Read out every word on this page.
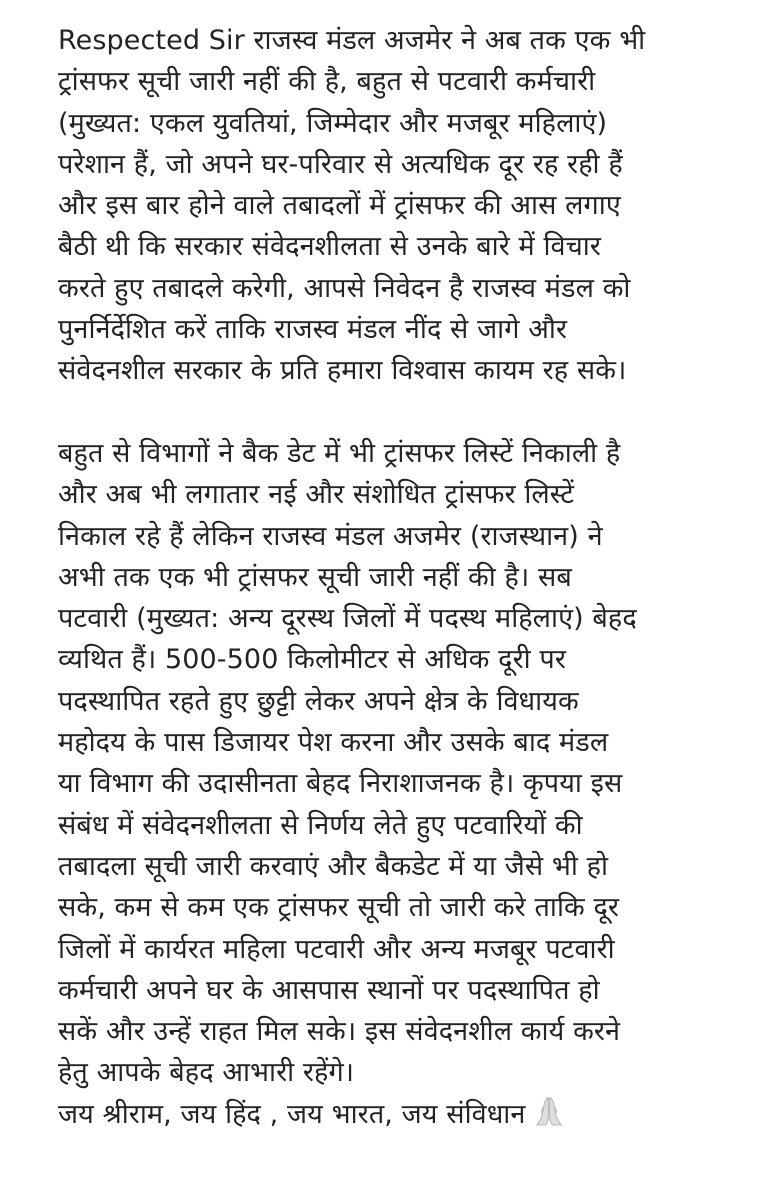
Respected Sir राजस्व मंडल अजमेर ने अब तक एक भी
ट्रांसफर सूची जारी नहीं की है, बहुत से पटवारी कर्मचारी
(मुख्यत: एकल युवतियां, जिम्मेदार और मजबूर महिलाएं)
परेशान हैं, जो अपने घर-परिवार से अत्यधिक दूर रह रही हैं
और इस बार होने वाले तबादलों में ट्रांसफर की आस लगाए
बैठी थी कि सरकार संवेदनशीलता से उनके बारे में विचार
करते हुए तबादले करेगी, आपसे निवेदन है राजस्व मंडल को
पुनर्निर्देशित करें ताकि राजस्व मंडल नींद से जागे और
संवेदनशील सरकार के प्रति हमारा विश्वास कायम रह सके।
बहुत से विभागों ने बैक डेट में भी ट्रांसफर लिस्टें निकाली है
और अब भी लगातार नई और संशोधित ट्रांसफर लिस्टें
निकाल रहे हैं लेकिन राजस्व मंडल अजमेर (राजस्थान) ने
अभी तक एक भी ट्रांसफर सूची जारी नहीं की है। सब
पटवारी (मुख्यत: अन्य दूरस्थ जिलों में पदस्थ महिलाएं) बेहद
व्यथित हैं। 500-500 किलोमीटर से अधिक दूरी पर
पदस्थापित रहते हुए छुट्टी लेकर अपने क्षेत्र के विधायक
महोदय के पास डिजायर पेश करना और उसके बाद मंडल
या विभाग की उदासीनता बेहद निराशाजनक है। कृपया इस
संबंध में संवेदनशीलता से निर्णय लेते हुए पटवारियों की
तबादला सूची जारी करवाएं और बैकडेट में या जैसे भी हो
सके, कम से कम एक ट्रांसफर सूची तो जारी करे ताकि दूर
जिलों में कार्यरत महिला पटवारी और अन्य मजबूर पटवारी
कर्मचारी अपने घर के आसपास स्थानों पर पदस्थापित हो
सकें और उन्हें राहत मिल सके। इस संवेदनशील कार्य करने
हेतु आपके बेहद आभारी रहेंगे।
जय श्रीराम, जय हिंद , जय भारत, जय संविधान
